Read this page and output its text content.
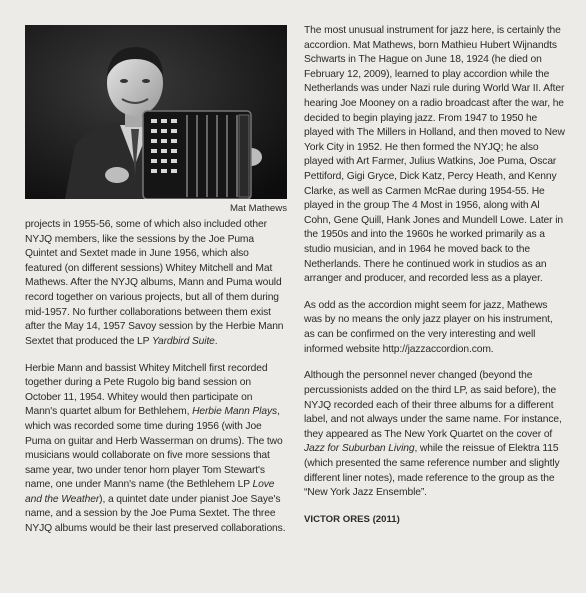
Mat Mathews

projects in 1955-56, some of which also included other NYJQ members, like the sessions by the Joe Puma Quintet and Sextet made in June 1956, which also featured (on different sessions) Whitey Mitchell and Mat Mathews. After the NYJQ albums, Mann and Puma would record together on various projects, but all of them during mid-1957. No further collaborations between them exist after the May 14, 1957 Savoy session by the Herbie Mann Sextet that produced the LP Yardbird Suite.

Herbie Mann and bassist Whitey Mitchell first recorded together during a Pete Rugolo big band session on October 11, 1954. Whitey would then participate on Mann's quartet album for Bethlehem, Herbie Mann Plays, which was recorded some time during 1956 (with Joe Puma on guitar and Herb Wasserman on drums). The two musicians would collaborate on five more sessions that same year, two under tenor horn player Tom Stewart's name, one under Mann's name (the Bethlehem LP Love and the Weather), a quintet date under pianist Joe Saye's name, and a session by the Joe Puma Sextet. The three NYJQ albums would be their last preserved collaborations.

The most unusual instrument for jazz here, is certainly the accordion. Mat Mathews, born Mathieu Hubert Wijnandts Schwarts in The Hague on June 18, 1924 (he died on February 12, 2009), learned to play accordion while the Netherlands was under Nazi rule during World War II. After hearing Joe Mooney on a radio broadcast after the war, he decided to begin playing jazz. From 1947 to 1950 he played with The Millers in Holland, and then moved to New York City in 1952. He then formed the NYJQ; he also played with Art Farmer, Julius Watkins, Joe Puma, Oscar Pettiford, Gigi Gryce, Dick Katz, Percy Heath, and Kenny Clarke, as well as Carmen McRae during 1954-55. He played in the group The 4 Most in 1956, along with Al Cohn, Gene Quill, Hank Jones and Mundell Lowe. Later in the 1950s and into the 1960s he worked primarily as a studio musician, and in 1964 he moved back to the Netherlands. There he continued work in studios as an arranger and producer, and recorded less as a player.

As odd as the accordion might seem for jazz, Mathews was by no means the only jazz player on his instrument, as can be confirmed on the very interesting and well informed website http://jazzaccordion.com.

Although the personnel never changed (beyond the percussionists added on the third LP, as said before), the NYJQ recorded each of their three albums for a different label, and not always under the same name. For instance, they appeared as The New York Quartet on the cover of Jazz for Suburban Living, while the reissue of Elektra 115 (which presented the same reference number and slightly different liner notes), made reference to the group as the “New York Jazz Ensemble”.

VICTOR ORES (2011)
